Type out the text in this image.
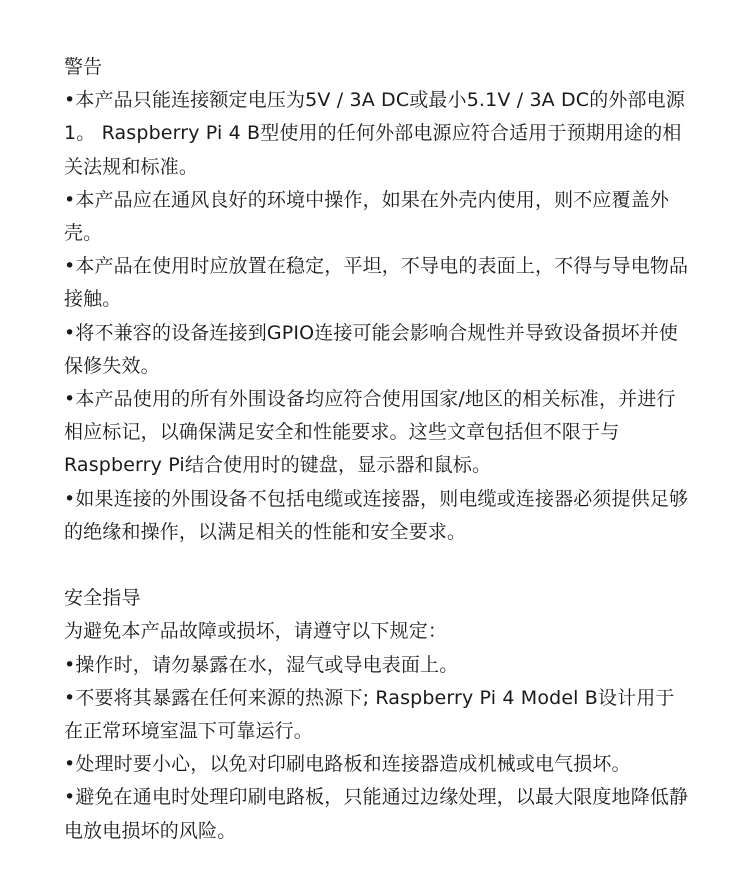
警告

•本产品只能连接额定电压为5V / 3A DC或最小5.1V / 3A DC的外部电源1。 Raspberry Pi 4 B型使用的任何外部电源应符合适用于预期用途的相关法规和标准。

•本产品应在通风良好的环境中操作，如果在外壳内使用，则不应覆盖外壳。

•本产品在使用时应放置在稳定，平坦，不导电的表面上，不得与导电物品接触。

•将不兼容的设备连接到GPIO连接可能会影响合规性并导致设备损坏并使保修失效。

•本产品使用的所有外围设备均应符合使用国家/地区的相关标准，并进行相应标记，以确保满足安全和性能要求。这些文章包括但不限于与Raspberry Pi结合使用时的键盘，显示器和鼠标。

•如果连接的外围设备不包括电缆或连接器，则电缆或连接器必须提供足够的绝缘和操作，以满足相关的性能和安全要求。

安全指导

为避免本产品故障或损坏，请遵守以下规定：

•操作时，请勿暴露在水，湿气或导电表面上。

•不要将其暴露在任何来源的热源下; Raspberry Pi 4 Model B设计用于在正常环境室温下可靠运行。

•处理时要小心，以免对印刷电路板和连接器造成机械或电气损坏。

•避免在通电时处理印刷电路板，只能通过边缘处理，以最大限度地降低静电放电损坏的风险。
